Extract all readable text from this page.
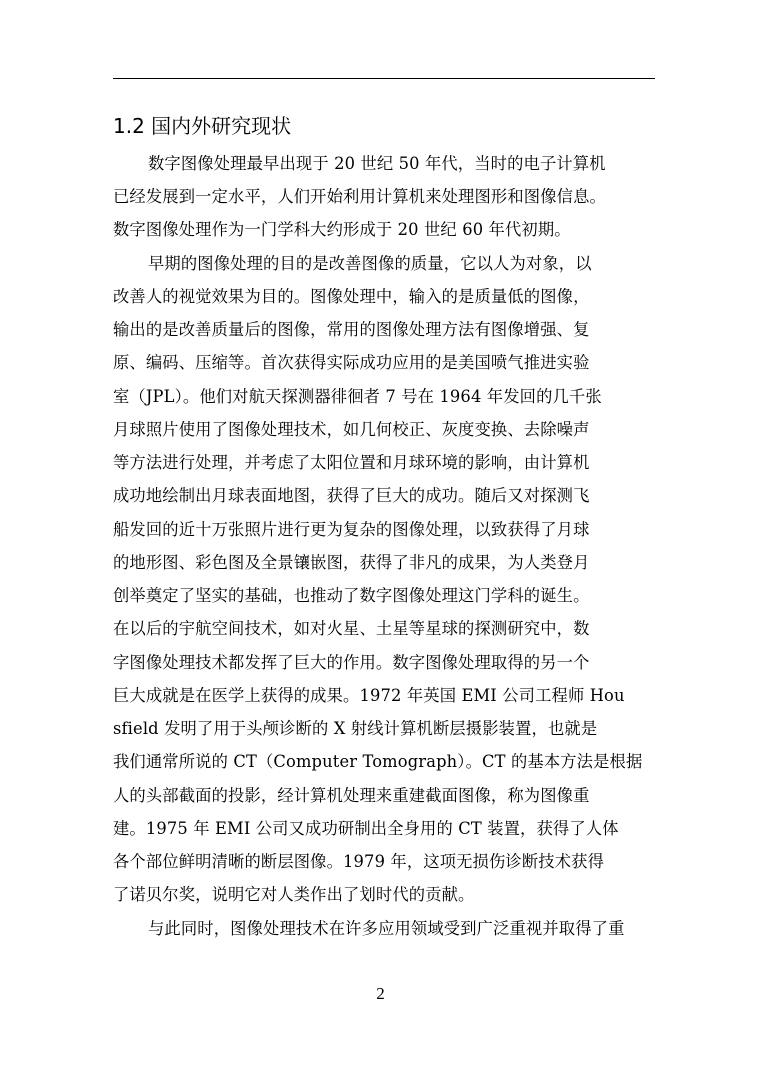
1.2 国内外研究现状
数字图像处理最早出现于 20 世纪 50 年代，当时的电子计算机
已经发展到一定水平，人们开始利用计算机来处理图形和图像信息。
数字图像处理作为一门学科大约形成于 20 世纪 60 年代初期。
早期的图像处理的目的是改善图像的质量，它以人为对象，以
改善人的视觉效果为目的。图像处理中，输入的是质量低的图像，
输出的是改善质量后的图像，常用的图像处理方法有图像增强、复
原、编码、压缩等。首次获得实际成功应用的是美国喷气推进实验
室（JPL）。他们对航天探测器徘徊者 7 号在 1964 年发回的几千张
月球照片使用了图像处理技术，如几何校正、灰度变换、去除噪声
等方法进行处理，并考虑了太阳位置和月球环境的影响，由计算机
成功地绘制出月球表面地图，获得了巨大的成功。随后又对探测飞
船发回的近十万张照片进行更为复杂的图像处理，以致获得了月球
的地形图、彩色图及全景镶嵌图，获得了非凡的成果，为人类登月
创举奠定了坚实的基础，也推动了数字图像处理这门学科的诞生。
在以后的宇航空间技术，如对火星、土星等星球的探测研究中，数
字图像处理技术都发挥了巨大的作用。数字图像处理取得的另一个
巨大成就是在医学上获得的成果。1972 年英国 EMI 公司工程师 Hou
sfield 发明了用于头颅诊断的 X 射线计算机断层摄影装置，也就是
我们通常所说的 CT（Computer Tomograph）。CT 的基本方法是根据
人的头部截面的投影，经计算机处理来重建截面图像，称为图像重
建。1975 年 EMI 公司又成功研制出全身用的 CT 装置，获得了人体
各个部位鲜明清晰的断层图像。1979 年，这项无损伤诊断技术获得
了诺贝尔奖，说明它对人类作出了划时代的贡献。
与此同时，图像处理技术在许多应用领域受到广泛重视并取得了重
2
